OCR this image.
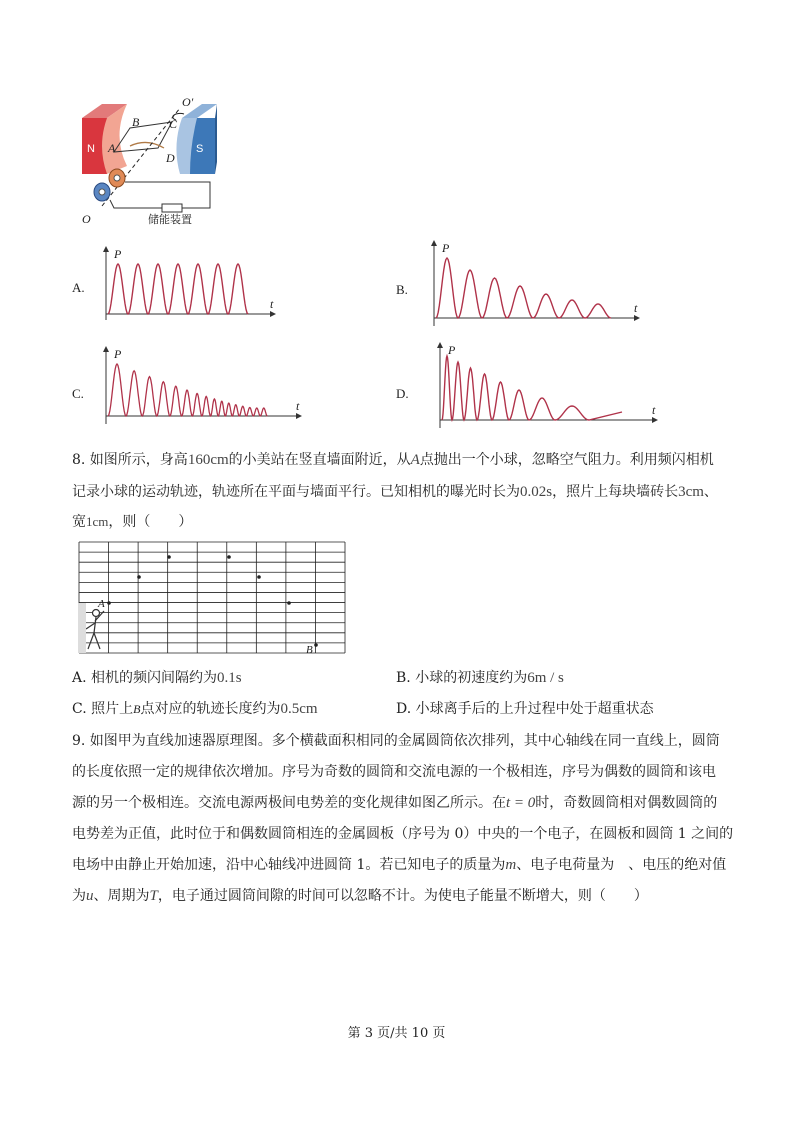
N	S
A
B C
D
O′
O	储能装置
A.
P
t
B.
P
t
C.
P
t
D.
P
t
8. 如图所示，身高160cm的小美站在竖直墙面附近，从A点抛出一个小球，忽略空气阻力。利用频闪相机
记录小球的运动轨迹，轨迹所在平面与墙面平行。已知相机的曝光时长为0.02s，照片上每块墙砖长3cm、
宽1cm，则（　　）
A
B
A. 相机的频闪间隔约为0.1s	B. 小球的初速度约为6m / s
C. 照片上B点对应的轨迹长度约为0.5cm	D. 小球离手后的上升过程中处于超重状态
9. 如图甲为直线加速器原理图。多个横截面积相同的金属圆筒依次排列，其中心轴线在同一直线上，圆筒
的长度依照一定的规律依次增加。序号为奇数的圆筒和交流电源的一个极相连，序号为偶数的圆筒和该电
源的另一个极相连。交流电源两极间电势差的变化规律如图乙所示。在t = 0时，奇数圆筒相对偶数圆筒的
电势差为正值，此时位于和偶数圆筒相连的金属圆板（序号为 0）中央的一个电子，在圆板和圆筒 1 之间的
电场中由静止开始加速，沿中心轴线冲进圆筒 1。若已知电子的质量为m、电子电荷量为　、电压的绝对值
为u、周期为T，电子通过圆筒间隙的时间可以忽略不计。为使电子能量不断增大，则（　　）
第 3 页/共 10 页
